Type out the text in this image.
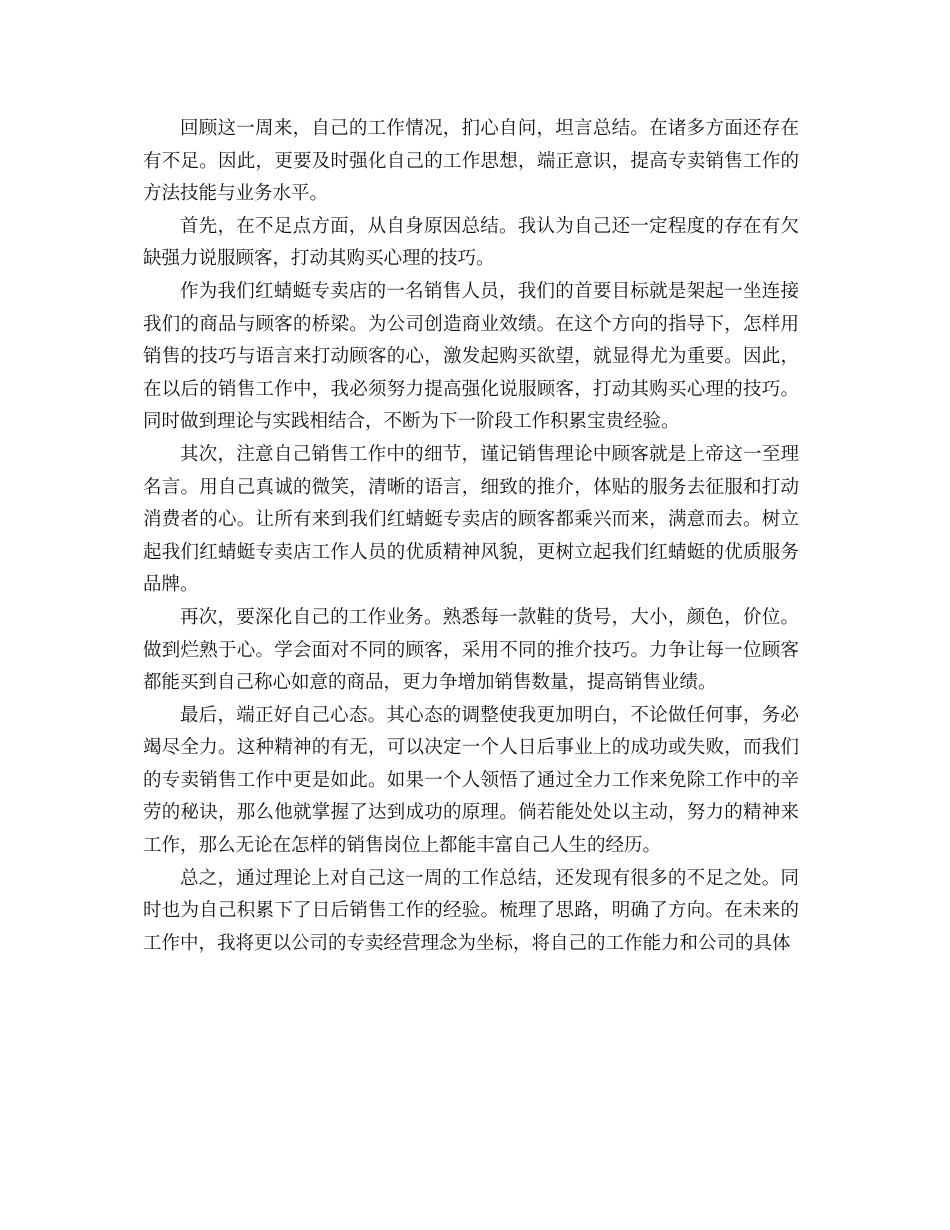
回顾这一周来，自己的工作情况，扪心自问，坦言总结。在诸多方面还存在有不足。因此，更要及时强化自己的工作思想，端正意识，提高专卖销售工作的方法技能与业务水平。

首先，在不足点方面，从自身原因总结。我认为自己还一定程度的存在有欠缺强力说服顾客，打动其购买心理的技巧。

作为我们红蜻蜓专卖店的一名销售人员，我们的首要目标就是架起一坐连接我们的商品与顾客的桥梁。为公司创造商业效绩。在这个方向的指导下，怎样用销售的技巧与语言来打动顾客的心，激发起购买欲望，就显得尤为重要。因此，在以后的销售工作中，我必须努力提高强化说服顾客，打动其购买心理的技巧。同时做到理论与实践相结合，不断为下一阶段工作积累宝贵经验。

其次，注意自己销售工作中的细节，谨记销售理论中顾客就是上帝这一至理名言。用自己真诚的微笑，清晰的语言，细致的推介，体贴的服务去征服和打动消费者的心。让所有来到我们红蜻蜓专卖店的顾客都乘兴而来，满意而去。树立起我们红蜻蜓专卖店工作人员的优质精神风貌，更树立起我们红蜻蜓的优质服务品牌。

再次，要深化自己的工作业务。熟悉每一款鞋的货号，大小，颜色，价位。做到烂熟于心。学会面对不同的顾客，采用不同的推介技巧。力争让每一位顾客都能买到自己称心如意的商品，更力争增加销售数量，提高销售业绩。

最后，端正好自己心态。其心态的调整使我更加明白，不论做任何事，务必竭尽全力。这种精神的有无，可以决定一个人日后事业上的成功或失败，而我们的专卖销售工作中更是如此。如果一个人领悟了通过全力工作来免除工作中的辛劳的秘诀，那么他就掌握了达到成功的原理。倘若能处处以主动，努力的精神来工作，那么无论在怎样的销售岗位上都能丰富自己人生的经历。

总之，通过理论上对自己这一周的工作总结，还发现有很多的不足之处。同时也为自己积累下了日后销售工作的经验。梳理了思路，明确了方向。在未来的工作中，我将更以公司的专卖经营理念为坐标，将自己的工作能力和公司的具体
